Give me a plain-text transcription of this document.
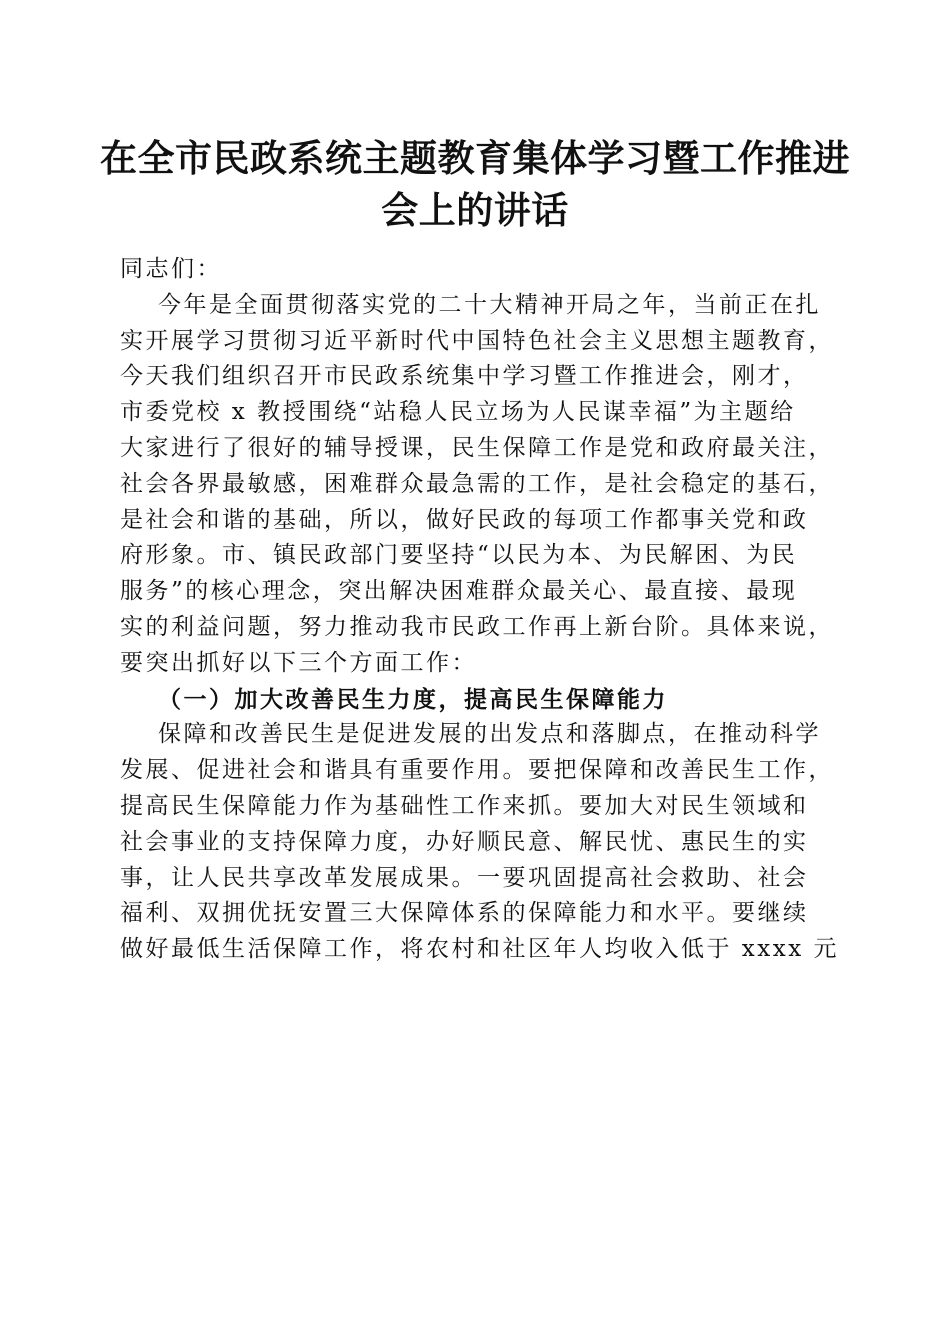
在全市民政系统主题教育集体学习暨工作推进
会上的讲话
同志们：
今年是全面贯彻落实党的二十大精神开局之年，当前正在扎
实开展学习贯彻习近平新时代中国特色社会主义思想主题教育，
今天我们组织召开市民政系统集中学习暨工作推进会，刚才，
市委党校 x 教授围绕“站稳人民立场为人民谋幸福”为主题给
大家进行了很好的辅导授课，民生保障工作是党和政府最关注，
社会各界最敏感，困难群众最急需的工作，是社会稳定的基石，
是社会和谐的基础，所以，做好民政的每项工作都事关党和政
府形象。市、镇民政部门要坚持“以民为本、为民解困、为民
服务”的核心理念，突出解决困难群众最关心、最直接、最现
实的利益问题，努力推动我市民政工作再上新台阶。具体来说，
要突出抓好以下三个方面工作：
（一）加大改善民生力度，提高民生保障能力
保障和改善民生是促进发展的出发点和落脚点，在推动科学
发展、促进社会和谐具有重要作用。要把保障和改善民生工作，
提高民生保障能力作为基础性工作来抓。要加大对民生领域和
社会事业的支持保障力度，办好顺民意、解民忧、惠民生的实
事，让人民共享改革发展成果。一要巩固提高社会救助、社会
福利、双拥优抚安置三大保障体系的保障能力和水平。要继续
做好最低生活保障工作，将农村和社区年人均收入低于 xxxx 元
